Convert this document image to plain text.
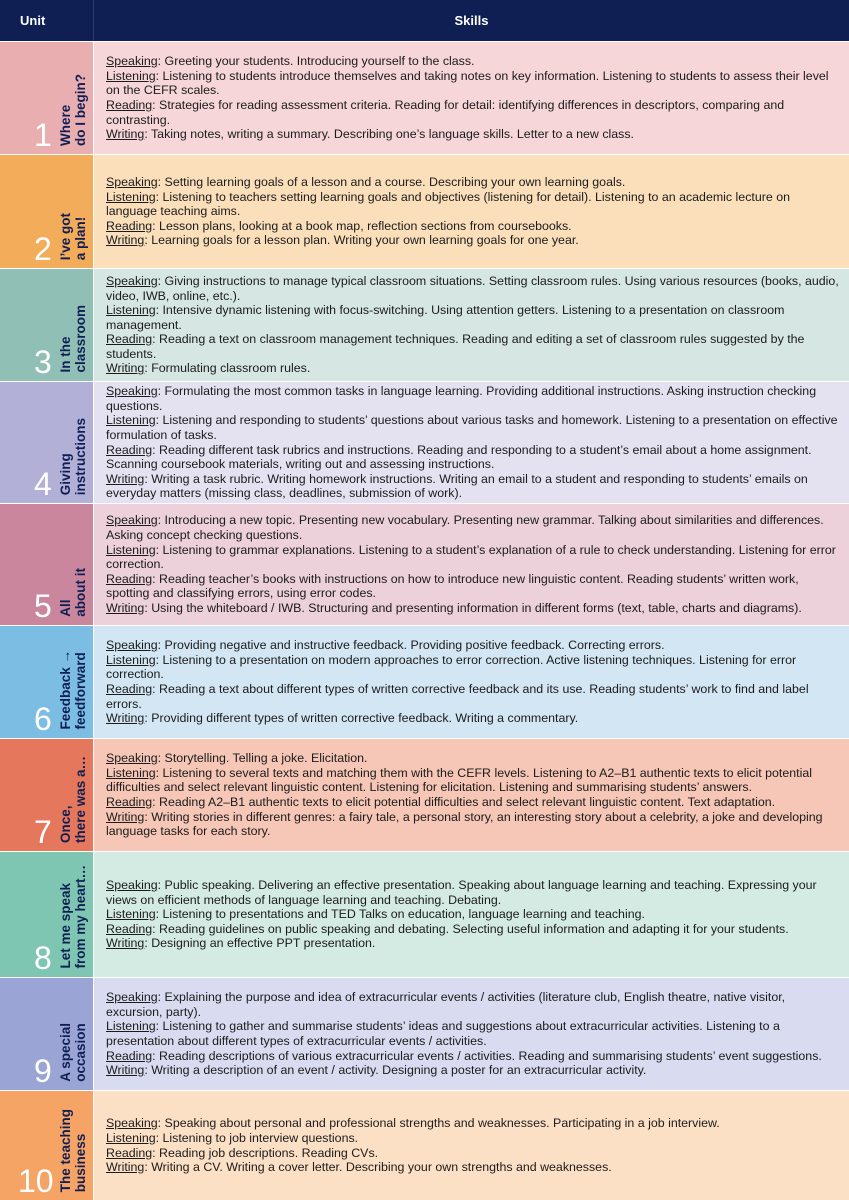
Unit	Skills
1 Where
do I begin?

Speaking: Greeting your students. Introducing yourself to the class.

Listening: Listening to students introduce themselves and taking notes on key information. Listening to students to assess their level on the CEFR scales.

Reading: Strategies for reading assessment criteria. Reading for detail: identifying differences in descriptors, comparing and contrasting.

Writing: Taking notes, writing a summary. Describing one’s language skills. Letter to a new class.

2 I’ve got
a plan!

Speaking: Setting learning goals of a lesson and a course. Describing your own learning goals.

Listening: Listening to teachers setting learning goals and objectives (listening for detail). Listening to an academic lecture on language teaching aims.

Reading: Lesson plans, looking at a book map, reflection sections from coursebooks.

Writing: Learning goals for a lesson plan. Writing your own learning goals for one year.

3 In the
classroom

Speaking: Giving instructions to manage typical classroom situations. Setting classroom rules. Using various resources (books, audio, video, IWB, online, etc.).

Listening: Intensive dynamic listening with focus-switching. Using attention getters. Listening to a presentation on classroom management.

Reading: Reading a text on classroom management techniques. Reading and editing a set of classroom rules suggested by the students.

Writing: Formulating classroom rules.

4 Giving
instructions

Speaking: Formulating the most common tasks in language learning. Providing additional instructions. Asking instruction checking questions.

Listening: Listening and responding to students’ questions about various tasks and homework. Listening to a presentation on effective formulation of tasks.

Reading: Reading different task rubrics and instructions. Reading and responding to a student’s email about a home assignment. Scanning coursebook materials, writing out and assessing instructions.

Writing: Writing a task rubric. Writing homework instructions. Writing an email to a student and responding to students’ emails on everyday matters (missing class, deadlines, submission of work).

5 All
about it

Speaking: Introducing a new topic. Presenting new vocabulary. Presenting new grammar. Talking about similarities and differences. Asking concept checking questions.

Listening: Listening to grammar explanations. Listening to a student’s explanation of a rule to check understanding. Listening for error correction.

Reading: Reading teacher’s books with instructions on how to introduce new linguistic content. Reading students’ written work, spotting and classifying errors, using error codes.

Writing: Using the whiteboard / IWB. Structuring and presenting information in different forms (text, table, charts and diagrams).

6 Feedback →
feedforward

Speaking: Providing negative and instructive feedback. Providing positive feedback. Correcting errors.

Listening: Listening to a presentation on modern approaches to error correction. Active listening techniques. Listening for error correction.

Reading: Reading a text about different types of written corrective feedback and its use. Reading students’ work to find and label errors.

Writing: Providing different types of written corrective feedback. Writing a commentary.

7 Once,
there was a… Speaking: Storytelling. Telling a joke. Elicitation.

Listening: Listening to several texts and matching them with the CEFR levels. Listening to A2–B1 authentic texts to elicit potential difficulties and select relevant linguistic content. Listening for elicitation. Listening and summarising students’ answers.

Reading: Reading A2–B1 authentic texts to elicit potential difficulties and select relevant linguistic content. Text adaptation.

Writing: Writing stories in different genres: a fairy tale, a personal story, an interesting story about a celebrity, a joke and developing language tasks for each story.

8 Let me speak
from my heart… Speaking: Public speaking. Delivering an effective presentation. Speaking about language learning and teaching. Expressing your views on efficient methods of language learning and teaching. Debating.

Listening: Listening to presentations and TED Talks on education, language learning and teaching.

Reading: Reading guidelines on public speaking and debating. Selecting useful information and adapting it for your students.

Writing: Designing an effective PPT presentation.

9 A special
occasion

Speaking: Explaining the purpose and idea of extracurricular events / activities (literature club, English theatre, native visitor, excursion, party).

Listening: Listening to gather and summarise students’ ideas and suggestions about extracurricular activities. Listening to a presentation about different types of extracurricular events / activities.

Reading: Reading descriptions of various extracurricular events / activities. Reading and summarising students’ event suggestions.

Writing: Writing a description of an event / activity. Designing a poster for an extracurricular activity.

10 The teaching
business

Speaking: Speaking about personal and professional strengths and weaknesses. Participating in a job interview.

Listening: Listening to job interview questions.

Reading: Reading job descriptions. Reading CVs.

Writing: Writing a CV. Writing a cover letter. Describing your own strengths and weaknesses.
